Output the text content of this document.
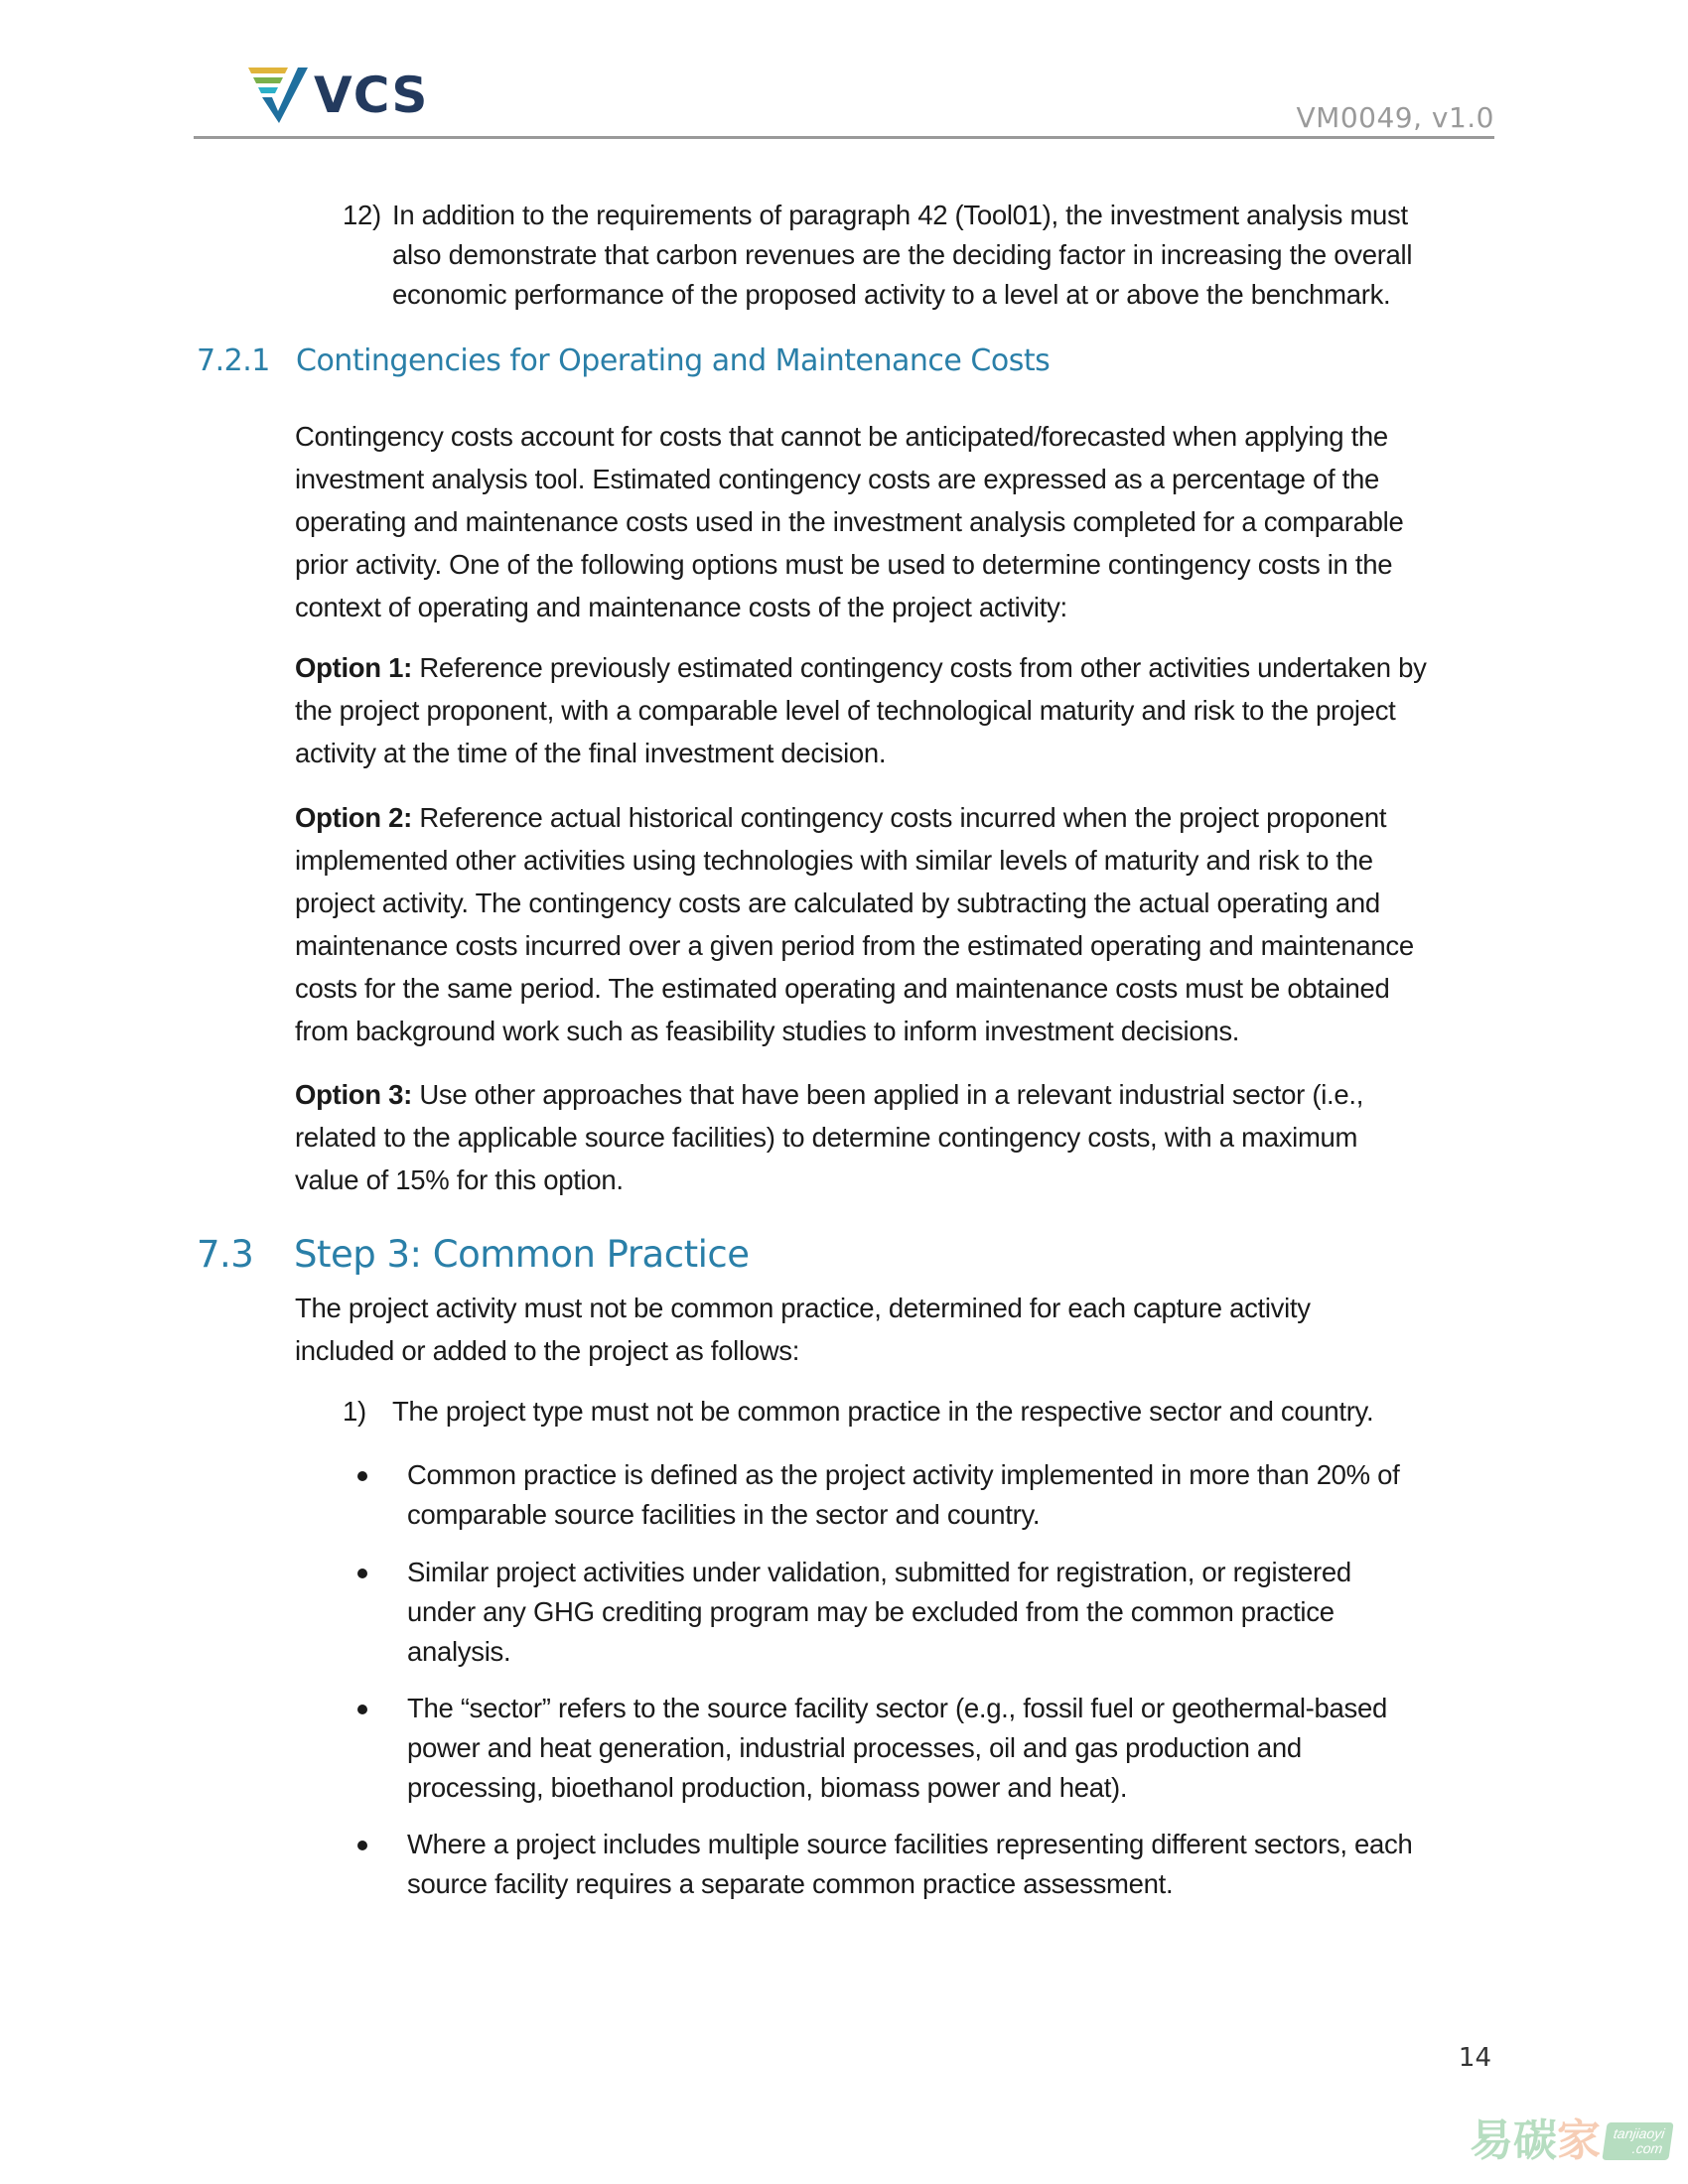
VCS	VM0049, v1.0
12) In addition to the requirements of paragraph 42 (Tool01), the investment analysis must
also demonstrate that carbon revenues are the deciding factor in increasing the overall
economic performance of the proposed activity to a level at or above the benchmark.
7.2.1 Contingencies for Operating and Maintenance Costs
Contingency costs account for costs that cannot be anticipated/forecasted when applying the
investment analysis tool. Estimated contingency costs are expressed as a percentage of the
operating and maintenance costs used in the investment analysis completed for a comparable
prior activity. One of the following options must be used to determine contingency costs in the
context of operating and maintenance costs of the project activity:
Option 1: Reference previously estimated contingency costs from other activities undertaken by
the project proponent, with a comparable level of technological maturity and risk to the project
activity at the time of the final investment decision.
Option 2: Reference actual historical contingency costs incurred when the project proponent
implemented other activities using technologies with similar levels of maturity and risk to the
project activity. The contingency costs are calculated by subtracting the actual operating and
maintenance costs incurred over a given period from the estimated operating and maintenance
costs for the same period. The estimated operating and maintenance costs must be obtained
from background work such as feasibility studies to inform investment decisions.
Option 3: Use other approaches that have been applied in a relevant industrial sector (i.e.,
related to the applicable source facilities) to determine contingency costs, with a maximum
value of 15% for this option.
7.3 Step 3: Common Practice
The project activity must not be common practice, determined for each capture activity
included or added to the project as follows:
1) The project type must not be common practice in the respective sector and country.
Common practice is defined as the project activity implemented in more than 20% of
comparable source facilities in the sector and country.
Similar project activities under validation, submitted for registration, or registered
under any GHG crediting program may be excluded from the common practice
analysis.
The “sector” refers to the source facility sector (e.g., fossil fuel or geothermal-based
power and heat generation, industrial processes, oil and gas production and
processing, bioethanol production, biomass power and heat).
Where a project includes multiple source facilities representing different sectors, each
source facility requires a separate common practice assessment.
14
易碳家 tanjiaoyi
.com
